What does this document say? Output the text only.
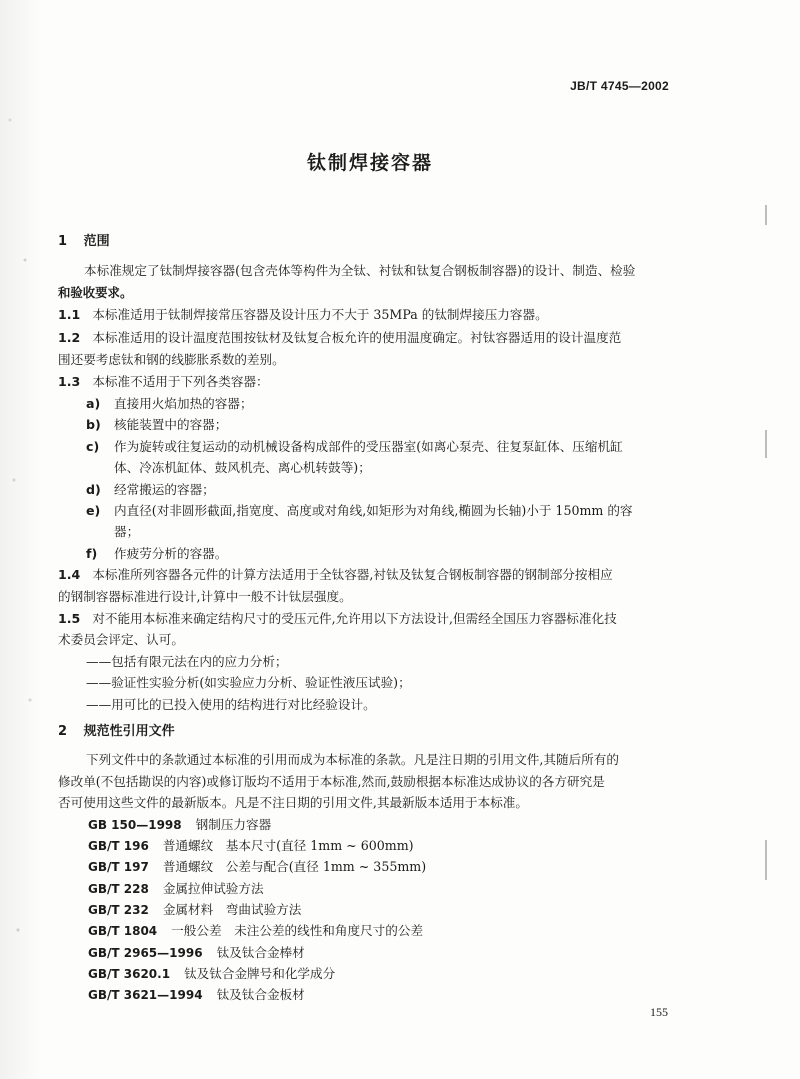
JB/T 4745—2002
钛制焊接容器
1 范围
本标准规定了钛制焊接容器(包含壳体等构件为全钛、衬钛和钛复合钢板制容器)的设计、制造、检验
和验收要求。
1.1 本标准适用于钛制焊接常压容器及设计压力不大于 35MPa 的钛制焊接压力容器。
1.2 本标准适用的设计温度范围按钛材及钛复合板允许的使用温度确定。衬钛容器适用的设计温度范
围还要考虑钛和钢的线膨胀系数的差别。
1.3 本标准不适用于下列各类容器：
a) 直接用火焰加热的容器；
b) 核能装置中的容器；
c) 作为旋转或往复运动的动机械设备构成部件的受压器室(如离心泵壳、往复泵缸体、压缩机缸
体、冷冻机缸体、鼓风机壳、离心机转鼓等)；
d) 经常搬运的容器；
e) 内直径(对非圆形截面,指宽度、高度或对角线,如矩形为对角线,椭圆为长轴)小于 150mm 的容
器；
f) 作疲劳分析的容器。
1.4 本标准所列容器各元件的计算方法适用于全钛容器,衬钛及钛复合钢板制容器的钢制部分按相应
的钢制容器标准进行设计,计算中一般不计钛层强度。
1.5 对不能用本标准来确定结构尺寸的受压元件,允许用以下方法设计,但需经全国压力容器标准化技
术委员会评定、认可。
——包括有限元法在内的应力分析；
——验证性实验分析(如实验应力分析、验证性液压试验)；
——用可比的已投入使用的结构进行对比经验设计。
2 规范性引用文件
下列文件中的条款通过本标准的引用而成为本标准的条款。凡是注日期的引用文件,其随后所有的
修改单(不包括勘误的内容)或修订版均不适用于本标准,然而,鼓励根据本标准达成协议的各方研究是
否可使用这些文件的最新版本。凡是不注日期的引用文件,其最新版本适用于本标准。
GB 150—1998 钢制压力容器
GB/T 196 普通螺纹　基本尺寸(直径 1mm ~ 600mm)
GB/T 197 普通螺纹　公差与配合(直径 1mm ~ 355mm)
GB/T 228 金属拉伸试验方法
GB/T 232 金属材料　弯曲试验方法
GB/T 1804 一般公差　未注公差的线性和角度尺寸的公差
GB/T 2965—1996 钛及钛合金棒材
GB/T 3620.1 钛及钛合金牌号和化学成分
GB/T 3621—1994 钛及钛合金板材
155
